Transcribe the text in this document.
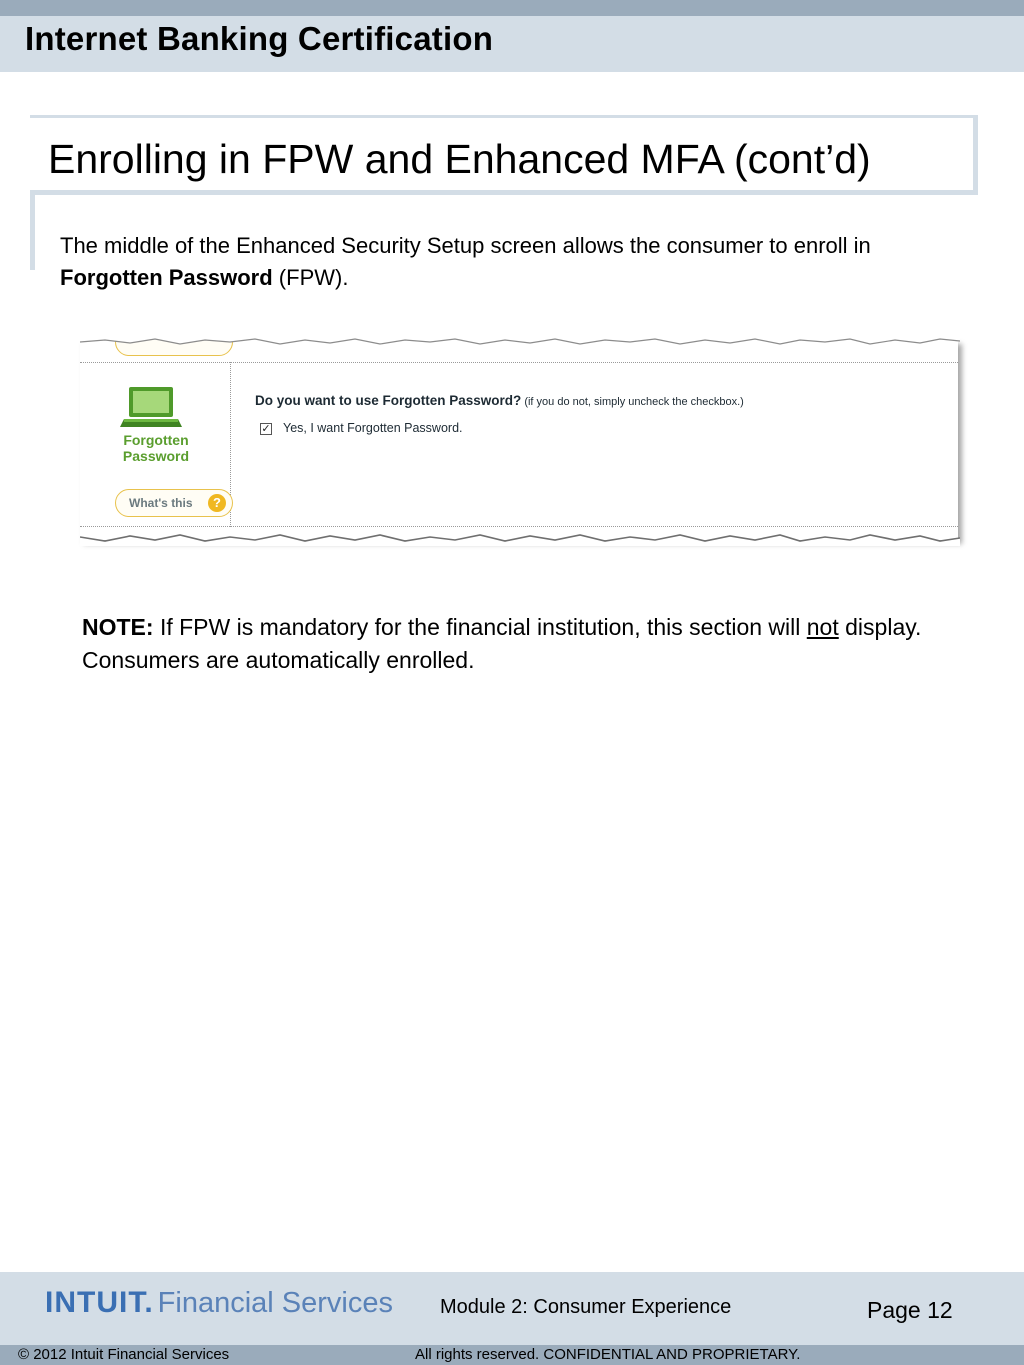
Internet Banking Certification
Enrolling in FPW and Enhanced MFA (cont’d)
The middle of the Enhanced Security Setup screen allows the consumer to enroll in Forgotten Password (FPW).
Forgotten
Password
What's this	?
Do you want to use Forgotten Password? (if you do not, simply uncheck the checkbox.)
✓ Yes, I want Forgotten Password.
NOTE: If FPW is mandatory for the financial institution, this section will not display. Consumers are automatically enrolled.
INTUIT. Financial Services Module 2: Consumer Experience	Page 12
© 2012 Intuit Financial Services	All rights reserved. CONFIDENTIAL AND PROPRIETARY.
